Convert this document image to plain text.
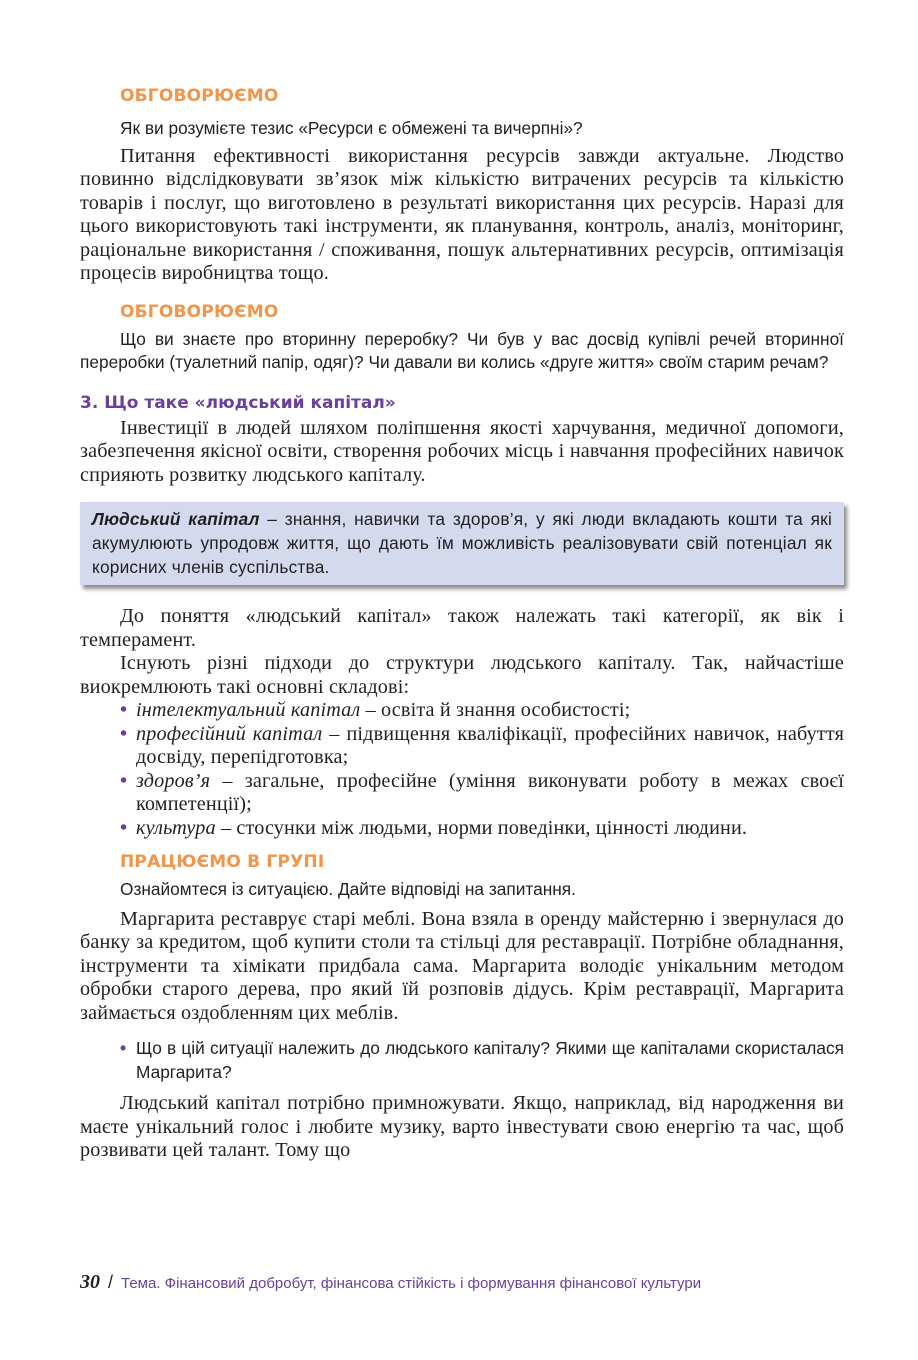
ОБГОВОРЮЄМО

Як ви розумієте тезис «Ресурси є обмежені та вичерпні»?

Питання ефективності використання ресурсів завжди актуальне. Людство повинно відслідковувати зв’язок між кількістю витрачених ресурсів та кількістю товарів і послуг, що виготовлено в результаті використання цих ресурсів. Наразі для цього використовують такі інструменти, як планування, контроль, аналіз, моніторинг, раціональне використання / споживання, пошук альтернативних ресурсів, оптимізація процесів виробництва тощо.

ОБГОВОРЮЄМО

Що ви знаєте про вторинну переробку? Чи був у вас досвід купівлі речей вторинної переробки (туалетний папір, одяг)? Чи давали ви колись «друге життя» своїм старим речам?

3. Що таке «людський капітал»

Інвестиції в людей шляхом поліпшення якості харчування, медичної допомоги, забезпечення якісної освіти, створення робочих місць і навчання професійних навичок сприяють розвитку людського капіталу.

Людський капітал – знання, навички та здоров’я, у які люди вкладають кошти та які акумулюють упродовж життя, що дають їм можливість реалізовувати свій потенціал як корисних членів суспільства.

До поняття «людський капітал» також належать такі категорії, як вік і темперамент.

Існують різні підходи до структури людського капіталу. Так, найчастіше виокремлюють такі основні складові:

• інтелектуальний капітал – освіта й знання особистості;
• професійний капітал – підвищення кваліфікації, професійних навичок, набуття досвіду, перепідготовка;
• здоров’я – загальне, професійне (уміння виконувати роботу в межах своєї компетенції);
• культура – стосунки між людьми, норми поведінки, цінності людини.
ПРАЦЮЄМО В ГРУПІ

Ознайомтеся із ситуацією. Дайте відповіді на запитання.

Маргарита реставрує старі меблі. Вона взяла в оренду майстерню і звернулася до банку за кредитом, щоб купити столи та стільці для реставрації. Потрібне обладнання, інструменти та хімікати придбала сама. Маргарита володіє унікальним методом обробки старого дерева, про який їй розповів дідусь. Крім реставрації, Маргарита займається оздобленням цих меблів.

• Що в цій ситуації належить до людського капіталу? Якими ще капіталами скористалася Маргарита?

Людський капітал потрібно примножувати. Якщо, наприклад, від народження ви маєте унікальний голос і любите музику, варто інвестувати свою енергію та час, щоб розвивати цей талант. Тому що

30 / Тема. Фінансовий добробут, фінансова стійкість і формування фінансової культури
